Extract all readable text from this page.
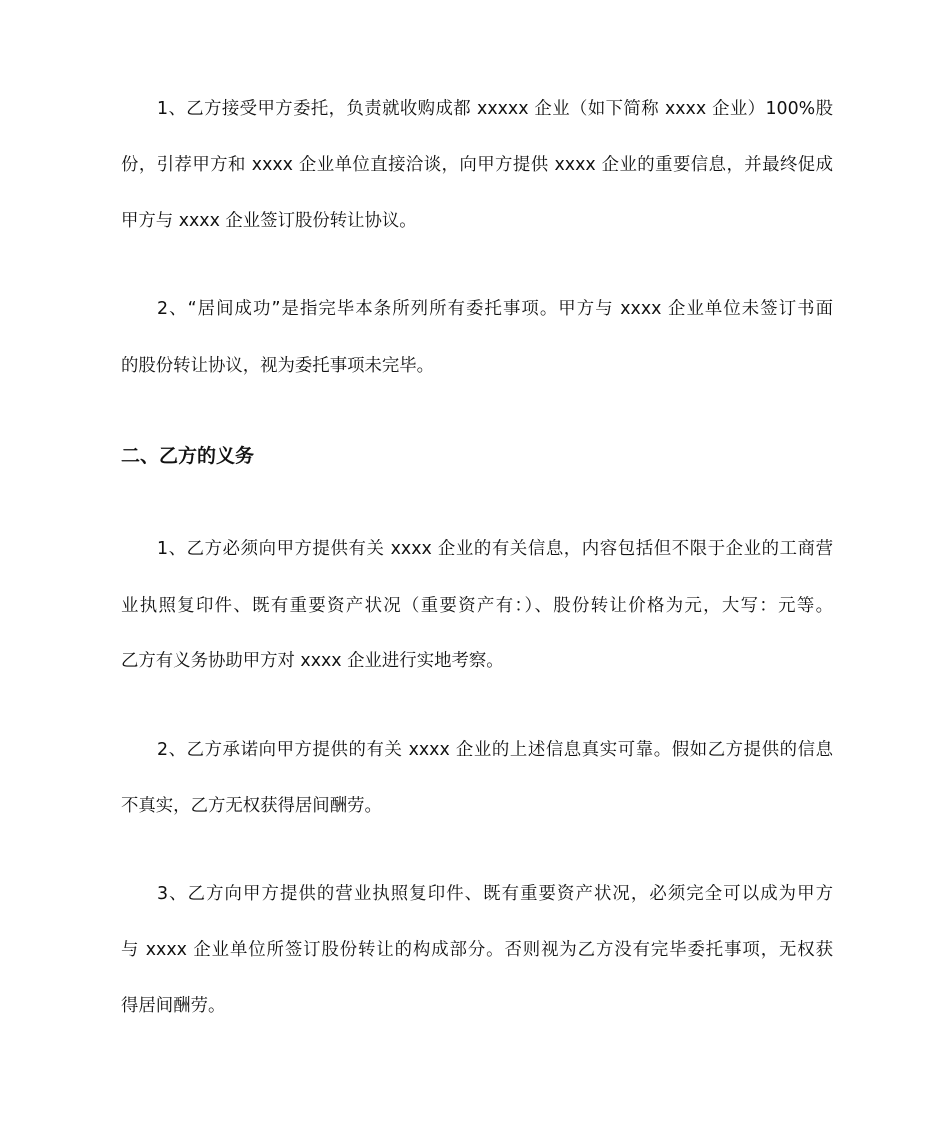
1、乙方接受甲方委托，负责就收购成都 xxxxx 企业（如下简称 xxxx 企业）100%股
份，引荐甲方和 xxxx 企业单位直接洽谈，向甲方提供 xxxx 企业的重要信息，并最终促成
甲方与 xxxx 企业签订股份转让协议。
2、“居间成功”是指完毕本条所列所有委托事项。甲方与 xxxx 企业单位未签订书面
的股份转让协议，视为委托事项未完毕。
二、乙方的义务
1、乙方必须向甲方提供有关 xxxx 企业的有关信息，内容包括但不限于企业的工商营
业执照复印件、既有重要资产状况（重要资产有：）、股份转让价格为元，大写：元等。
乙方有义务协助甲方对 xxxx 企业进行实地考察。
2、乙方承诺向甲方提供的有关 xxxx 企业的上述信息真实可靠。假如乙方提供的信息
不真实，乙方无权获得居间酬劳。
3、乙方向甲方提供的营业执照复印件、既有重要资产状况，必须完全可以成为甲方
与 xxxx 企业单位所签订股份转让的构成部分。否则视为乙方没有完毕委托事项，无权获
得居间酬劳。
